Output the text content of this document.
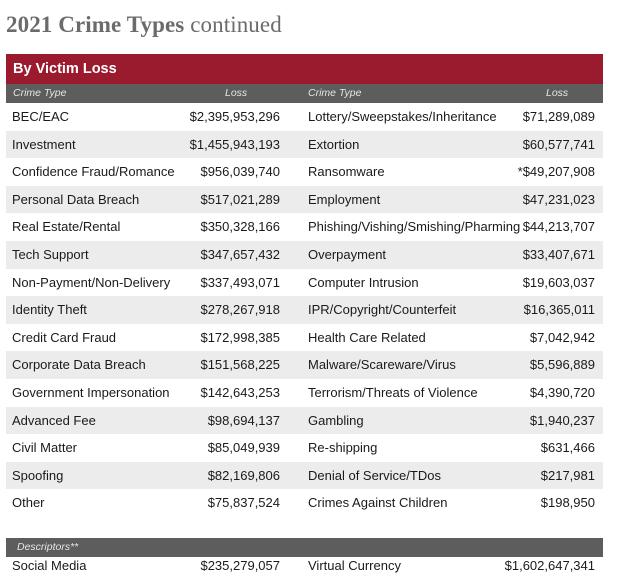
2021 Crime Types continued
By Victim Loss
Crime Type	Loss	Crime Type	Loss
BEC/EAC	$2,395,953,296 Lottery/Sweepstakes/Inheritance $71,289,089
Investment	$1,455,943,193 Extortion	$60,577,741
Confidence Fraud/Romance $956,039,740 Ransomware	*$49,207,908
Personal Data Breach	$517,021,289 Employment	$47,231,023
Real Estate/Rental	$350,328,166 Phishing/Vishing/Smishing/Pharming $44,213,707
Tech Support	$347,657,432 Overpayment	$33,407,671
Non-Payment/Non-Delivery $337,493,071 Computer Intrusion	$19,603,037
Identity Theft	$278,267,918 IPR/Copyright/Counterfeit	$16,365,011
Credit Card Fraud	$172,998,385 Health Care Related	$7,042,942
Corporate Data Breach	$151,568,225 Malware/Scareware/Virus	$5,596,889
Government Impersonation $142,643,253 Terrorism/Threats of Violence	$4,390,720
Advanced Fee	$98,694,137 Gambling	$1,940,237
Civil Matter	$85,049,939 Re-shipping	$631,466
Spoofing	$82,169,806 Denial of Service/TDos	$217,981
Other	$75,837,524 Crimes Against Children	$198,950
Descriptors**
Social Media	$235,279,057 Virtual Currency	$1,602,647,341
